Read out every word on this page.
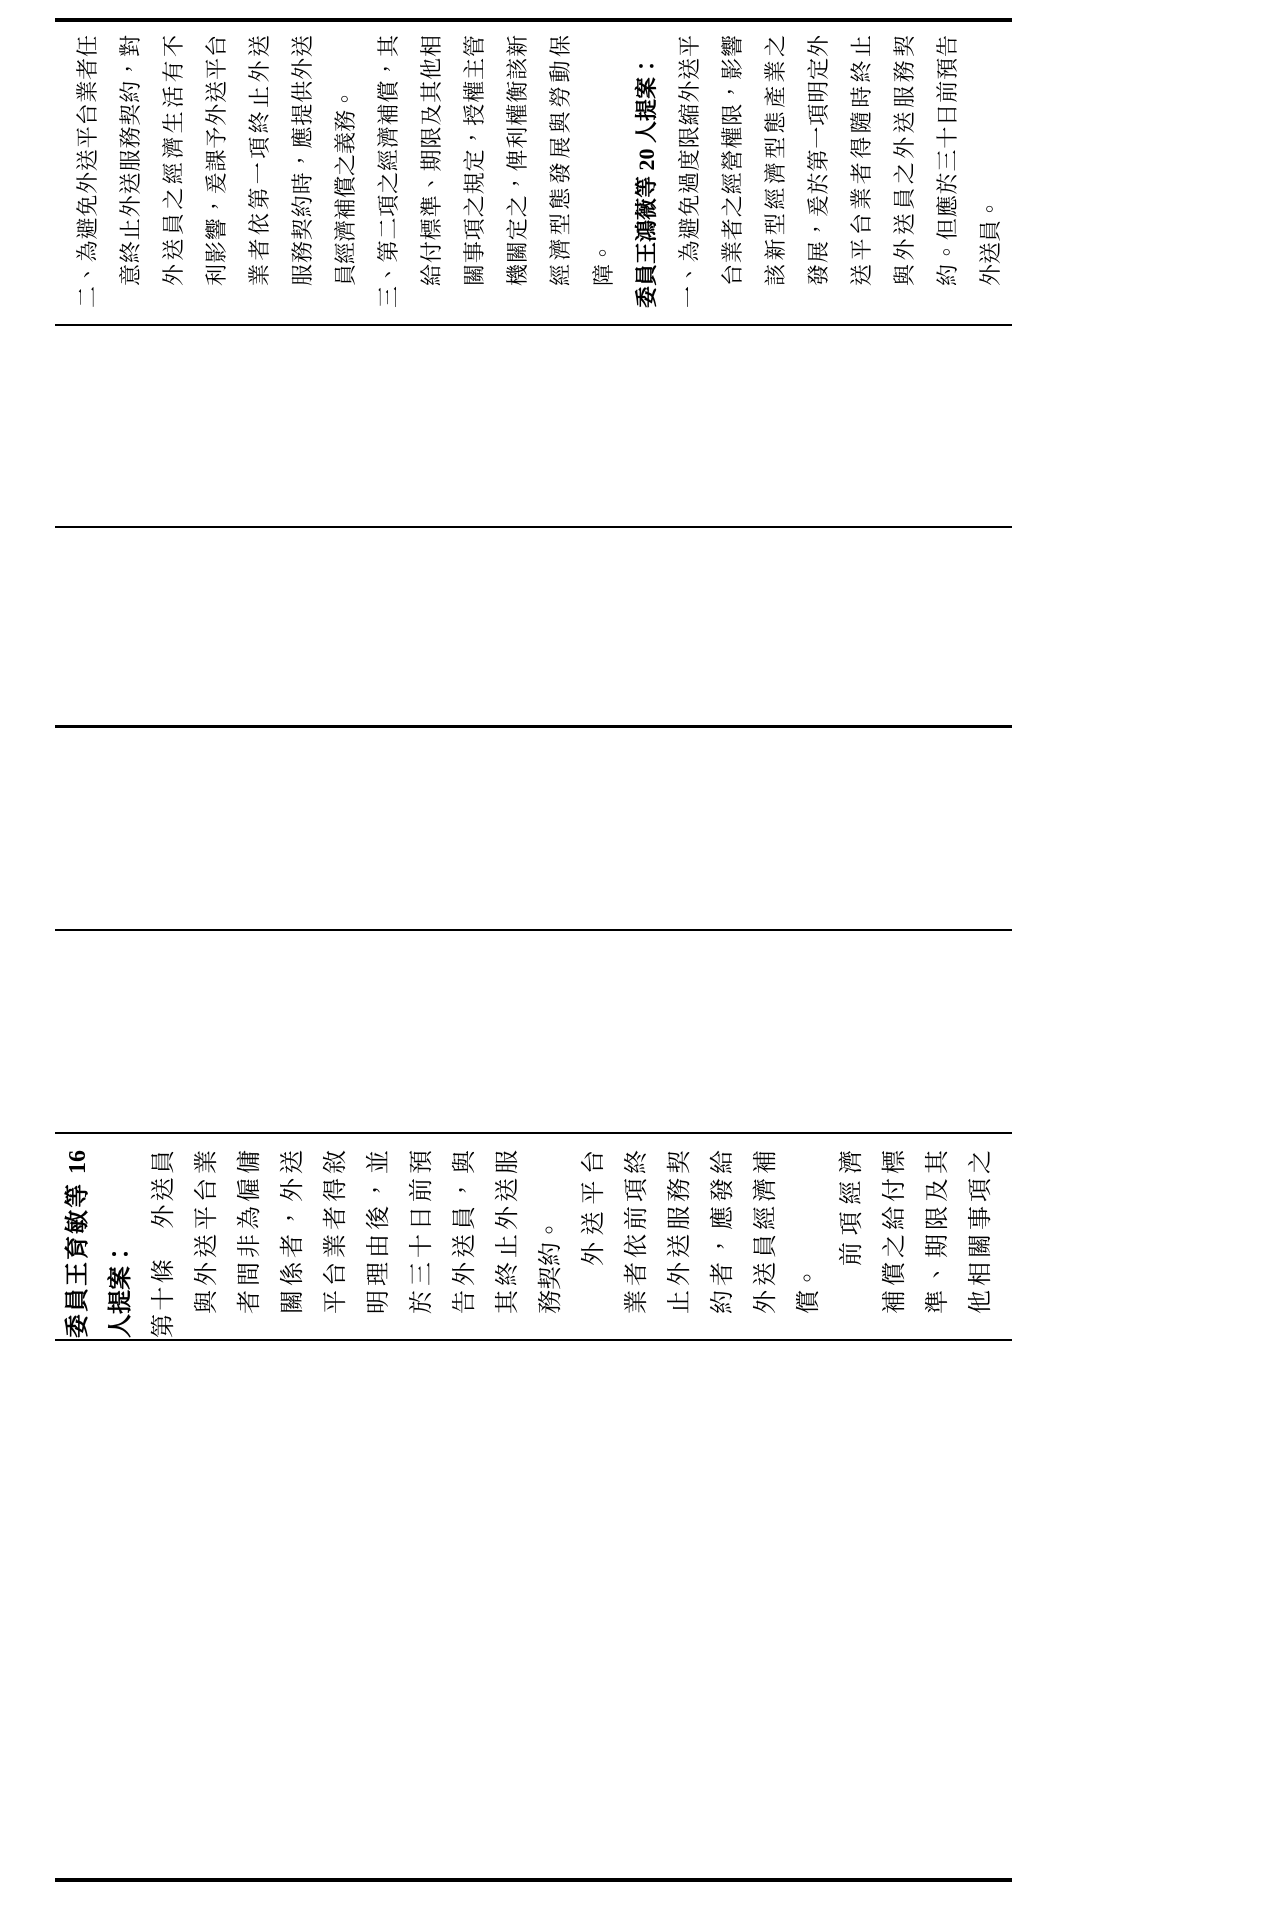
二、為避免外送平台業者任 意終止外送服務契約，對 外送員之經濟生活有不 利影響，爰課予外送平台 業者依第一項終止外送 服務契約時，應提供外送 員經濟補償之義務。 三、第二項之經濟補償，其 給付標準、期限及其他相 關事項之規定，授權主管 機關定之，俾利權衡該新 經濟型態發展與勞動保 障。 委員王鴻薇等 20 人提案： 一、為避免過度限縮外送平 台業者之經營權限，影響 該新型經濟型態產業之 發展，爰於第一項明定外 送平台業者得隨時終止 與外送員之外送服務契 約。但應於三十日前預告 外送員。
委員王育敏等 16 人提案： 第十條外送員 與外送平台業 者間非為僱傭 關係者，外送 平台業者得敘 明理由後，並 於三十日前預 告外送員，與 其終止外送服 務契約。 外送平台 業者依前項終 止外送服務契 約者，應發給 外送員經濟補 償。
前項經濟 補償之給付標 準、期限及其 他相關事項之
